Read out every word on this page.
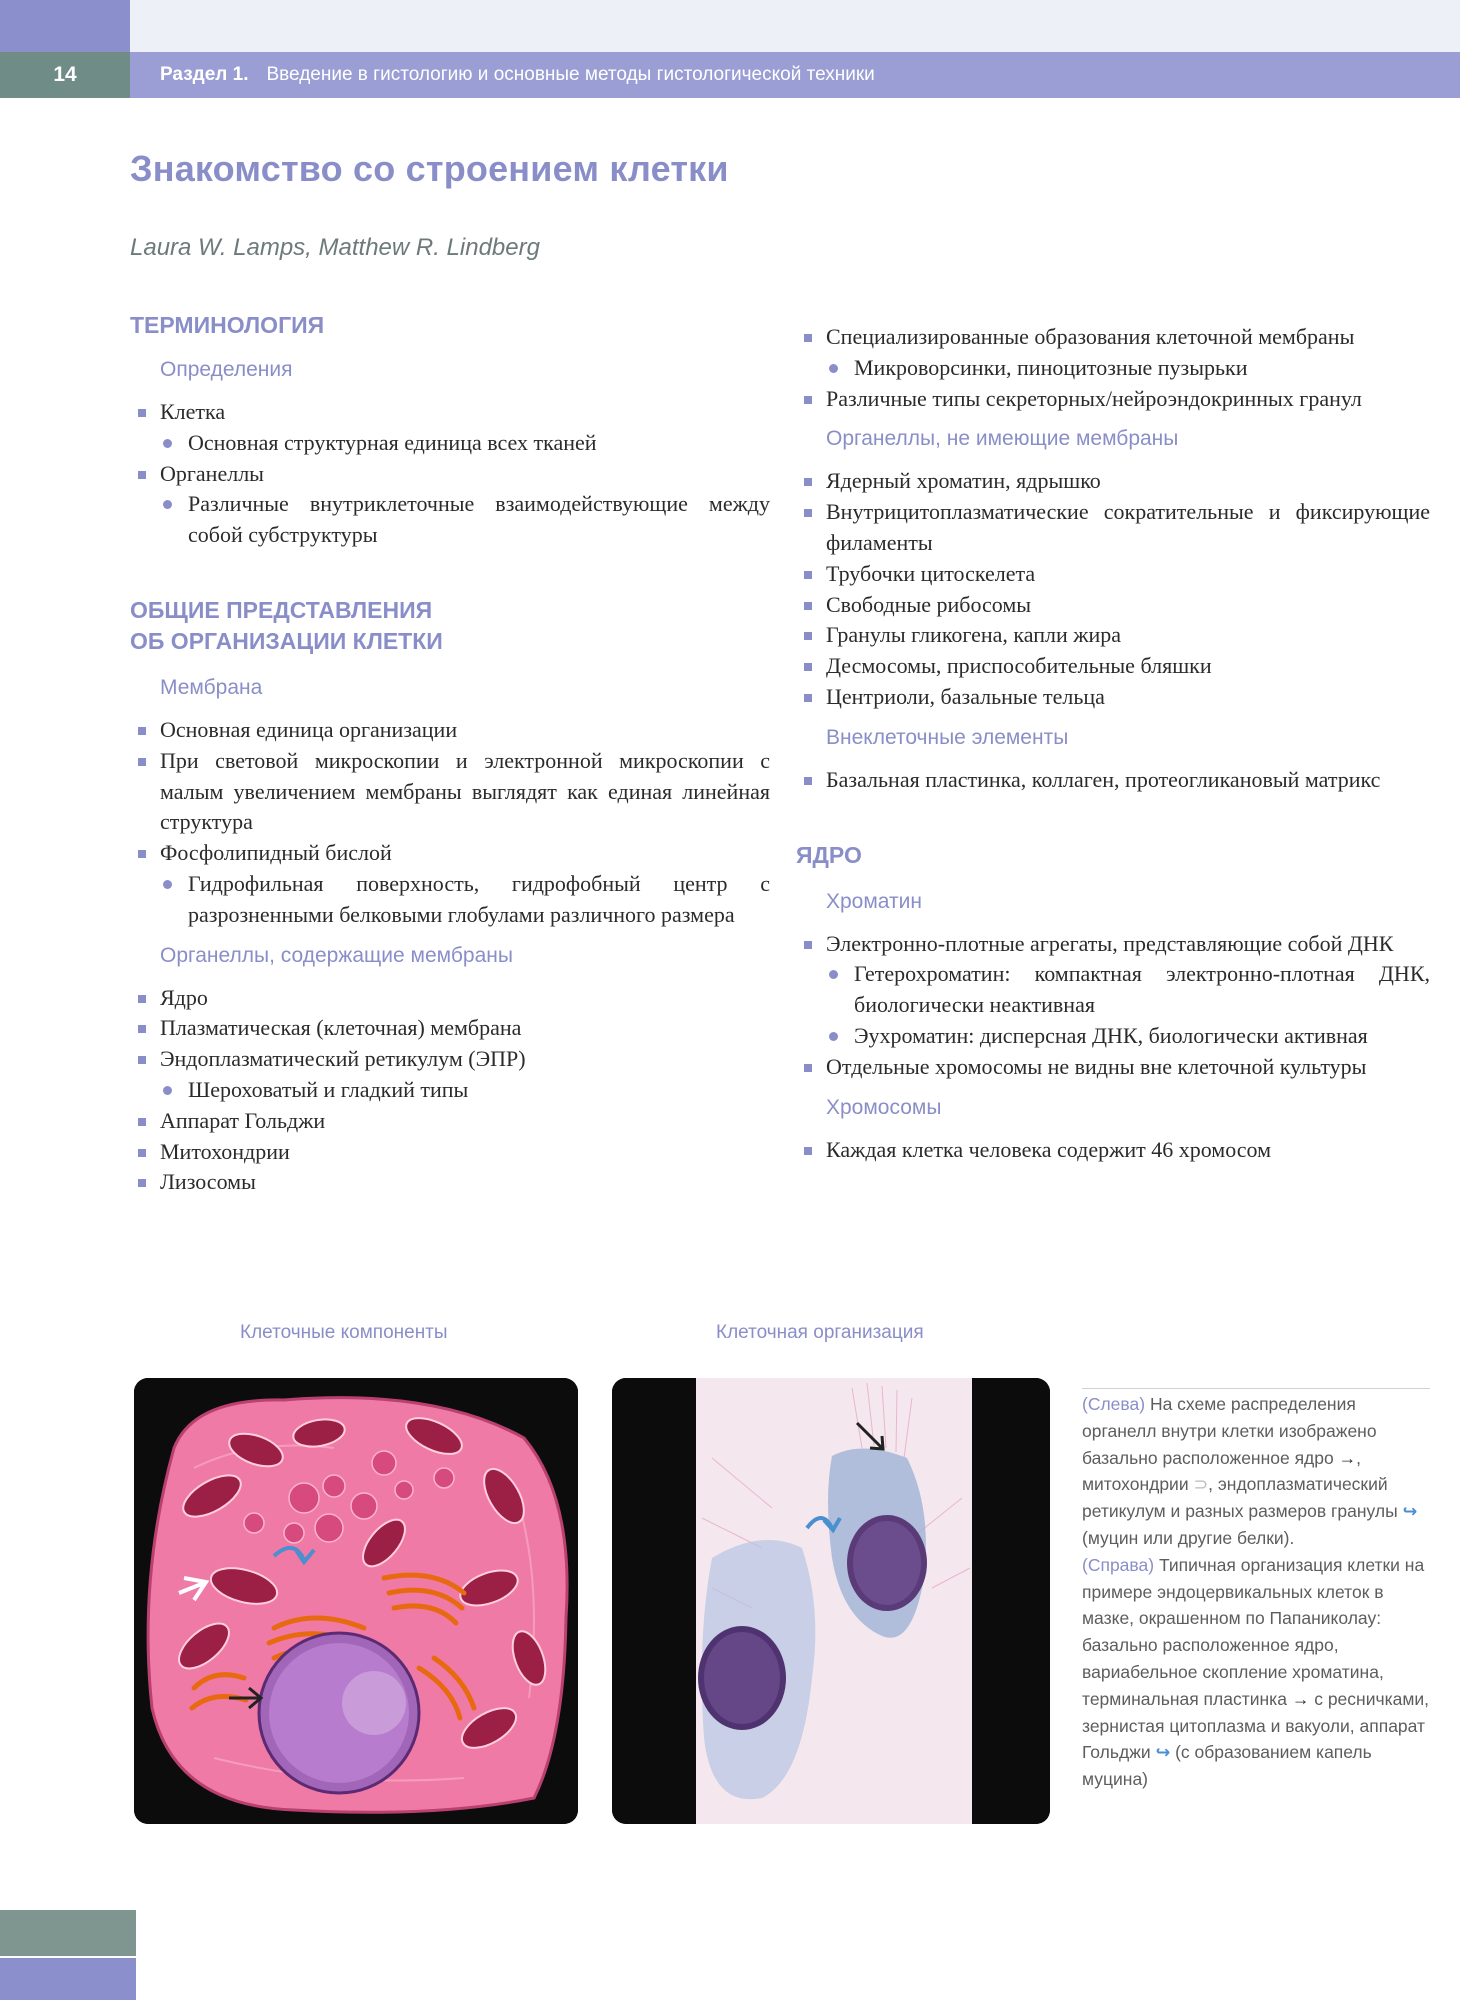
14	Раздел 1. Введение в гистологию и основные методы гистологической техники
Знакомство со строением клетки
Laura W. Lamps, Matthew R. Lindberg
ТЕРМИНОЛОГИЯ
Определения
Клетка
Основная структурная единица всех тканей
Органеллы
Различные внутриклеточные взаимодействующие между собой субструктуры
ОБЩИЕ ПРЕДСТАВЛЕНИЯ
ОБ ОРГАНИЗАЦИИ КЛЕТКИ
Мембрана
Основная единица организации
При световой микроскопии и электронной микроскопии с малым увеличением мембраны выглядят как единая линейная структура
Фосфолипидный бислой
Гидрофильная поверхность, гидрофобный центр с разрозненными белковыми глобулами различного размера
Органеллы, содержащие мембраны
Ядро
Плазматическая (клеточная) мембрана
Эндоплазматический ретикулум (ЭПР)
Шероховатый и гладкий типы
Аппарат Гольджи
Митохондрии
Лизосомы
Специализированные образования клеточной мембраны
Микроворсинки, пиноцитозные пузырьки
Различные типы секреторных/нейроэндокринных гранул
Органеллы, не имеющие мембраны
Ядерный хроматин, ядрышко
Внутрицитоплазматические сократительные и фиксирующие филаменты
Трубочки цитоскелета
Свободные рибосомы
Гранулы гликогена, капли жира
Десмосомы, приспособительные бляшки
Центриоли, базальные тельца
Внеклеточные элементы
Базальная пластинка, коллаген, протеогликановый матрикс
ЯДРО
Хроматин
Электронно-плотные агрегаты, представляющие собой ДНК
Гетерохроматин: компактная электронно-плотная ДНК, биологически неактивная
Эухроматин: дисперсная ДНК, биологически активная
Отдельные хромосомы не видны вне клеточной культуры
Хромосомы
Каждая клетка человека содержит 46 хромосом
Клеточные компоненты	Клеточная организация
(Слева) На схеме распределения органелл внутри клетки изображено базально расположенное ядро →, митохондрии ⊃, эндоплазматический ретикулум и разных размеров гранулы ↪ (муцин или другие белки).
(Справа) Типичная организация клетки на примере эндоцервикальных клеток в мазке, окрашенном по Папаниколау: базально расположенное ядро, вариабельное скопление хроматина, терминальная пластинка → с ресничками, зернистая цитоплазма и вакуоли, аппарат Гольджи ↪ (с образованием капель муцина)
